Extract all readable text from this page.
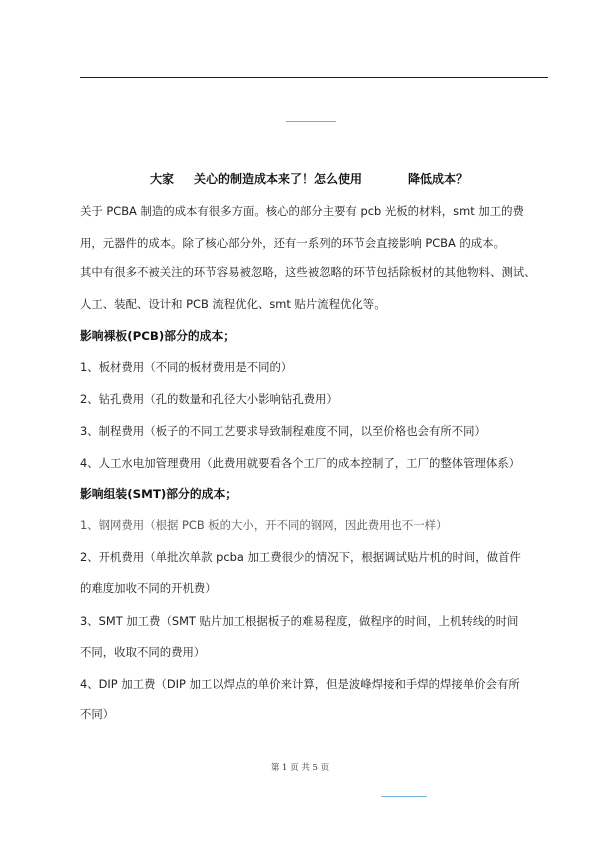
大家

关心的制造成本来了！怎么使用

	降低成本？

关于 PCBA 制造的成本有很多方面。核心的部分主要有 pcb 光板的材料，smt 加工的费
用，元器件的成本。除了核心部分外，还有一系列的环节会直接影响 PCBA 的成本。
其中有很多不被关注的环节容易被忽略，这些被忽略的环节包括除板材的其他物料、测试、
人工、装配、设计和 PCB 流程优化、smt 贴片流程优化等。
影响裸板(PCB)部分的成本；
1、板材费用（不同的板材费用是不同的）
2、钻孔费用（孔的数量和孔径大小影响钻孔费用）
3、制程费用（板子的不同工艺要求导致制程难度不同，以至价格也会有所不同）
4、人工水电加管理费用（此费用就要看各个工厂的成本控制了，工厂的整体管理体系）
影响组装(SMT)部分的成本；
1、钢网费用（根据 PCB 板的大小，开不同的钢网，因此费用也不一样）
2、开机费用（单批次单款 pcba 加工费很少的情况下，根据调试贴片机的时间，做首件
的难度加收不同的开机费）
3、SMT 加工费（SMT 贴片加工根据板子的难易程度，做程序的时间，上机转线的时间
不同，收取不同的费用）
4、DIP 加工费（DIP 加工以焊点的单价来计算，但是波峰焊接和手焊的焊接单价会有所
不同）
第 1 页 共 5 页
